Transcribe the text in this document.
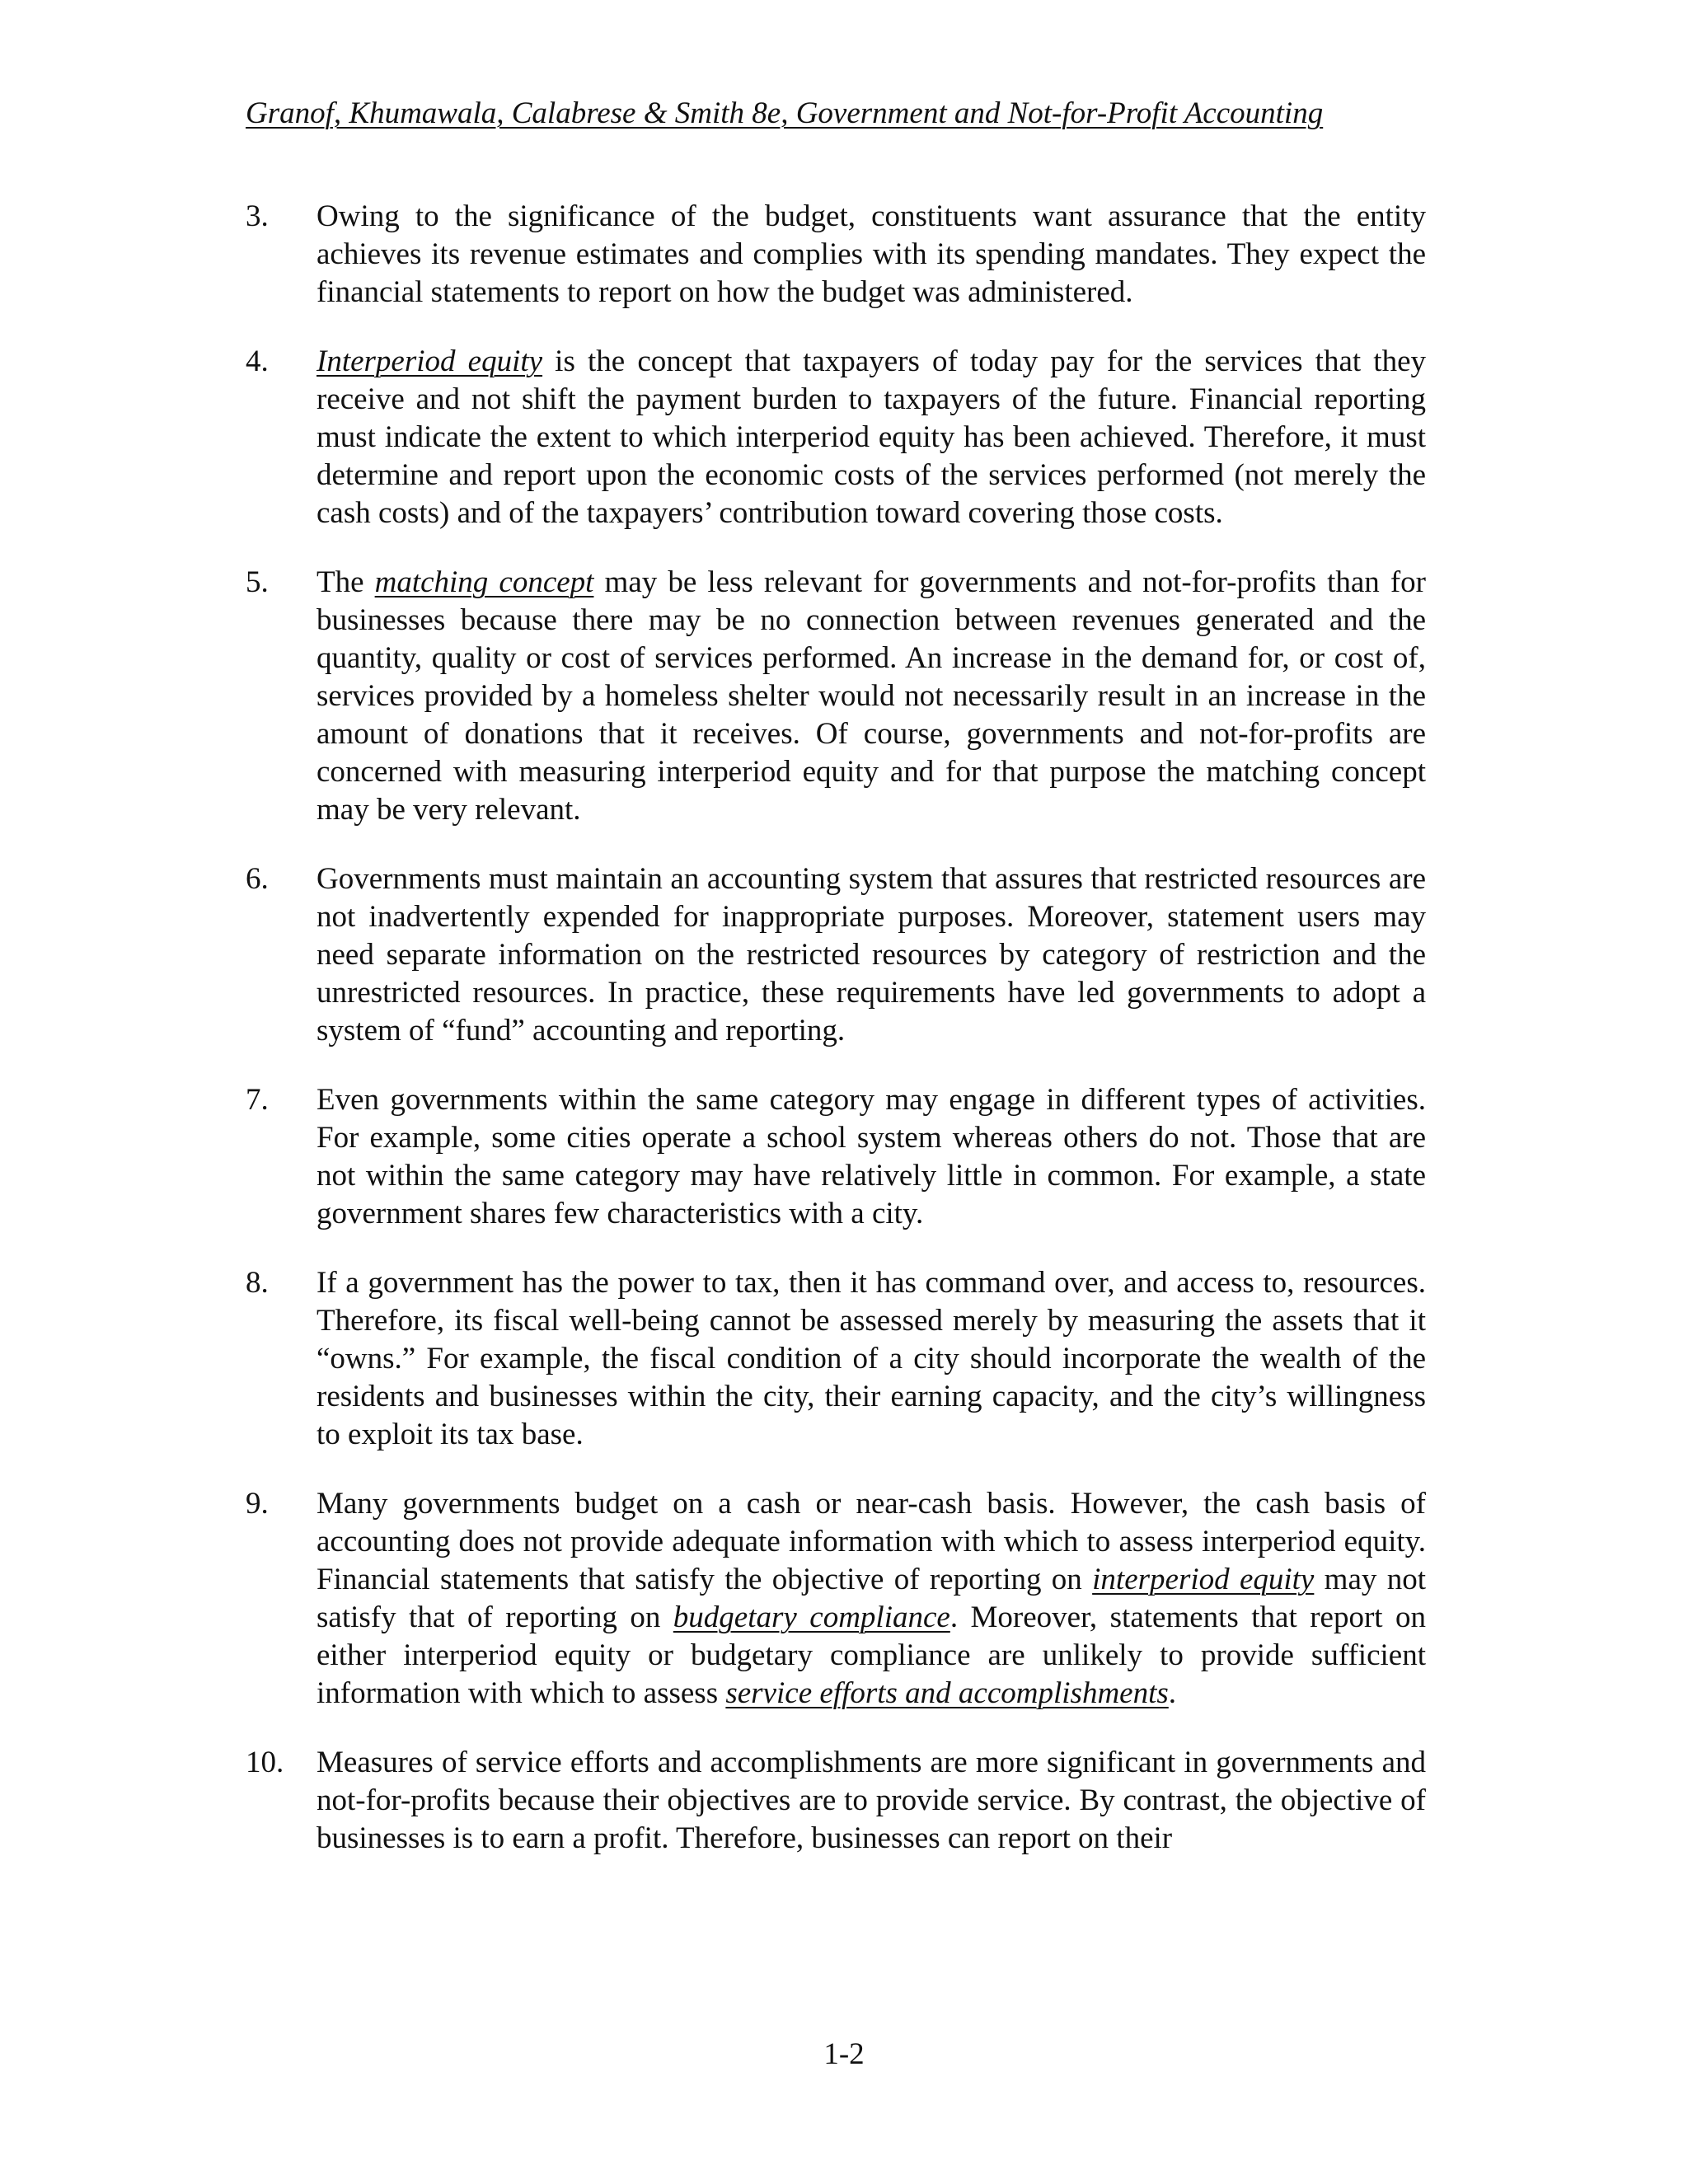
Granof, Khumawala, Calabrese & Smith 8e, Government and Not-for-Profit Accounting
3. Owing to the significance of the budget, constituents want assurance that the entity achieves its revenue estimates and complies with its spending mandates. They expect the financial statements to report on how the budget was administered.

4. Interperiod equity is the concept that taxpayers of today pay for the services that they receive and not shift the payment burden to taxpayers of the future. Financial reporting must indicate the extent to which interperiod equity has been achieved. Therefore, it must determine and report upon the economic costs of the services performed (not merely the cash costs) and of the taxpayers’ contribution toward covering those costs.

5. The matching concept may be less relevant for governments and not-for-profits than for businesses because there may be no connection between revenues generated and the quantity, quality or cost of services performed. An increase in the demand for, or cost of, services provided by a homeless shelter would not necessarily result in an increase in the amount of donations that it receives. Of course, governments and not-for-profits are concerned with measuring interperiod equity and for that purpose the matching concept may be very relevant.

6. Governments must maintain an accounting system that assures that restricted resources are not inadvertently expended for inappropriate purposes. Moreover, statement users may need separate information on the restricted resources by category of restriction and the unrestricted resources. In practice, these requirements have led governments to adopt a system of “fund” accounting and reporting.

7. Even governments within the same category may engage in different types of activities. For example, some cities operate a school system whereas others do not. Those that are not within the same category may have relatively little in common. For example, a state government shares few characteristics with a city.

8. If a government has the power to tax, then it has command over, and access to, resources. Therefore, its fiscal well-being cannot be assessed merely by measuring the assets that it “owns.” For example, the fiscal condition of a city should incorporate the wealth of the residents and businesses within the city, their earning capacity, and the city’s willingness to exploit its tax base.

9. Many governments budget on a cash or near-cash basis. However, the cash basis of accounting does not provide adequate information with which to assess interperiod equity. Financial statements that satisfy the objective of reporting on interperiod equity may not satisfy that of reporting on budgetary compliance. Moreover, statements that report on either interperiod equity or budgetary compliance are unlikely to provide sufficient information with which to assess service efforts and accomplishments.

10. Measures of service efforts and accomplishments are more significant in governments and not-for-profits because their objectives are to provide service. By contrast, the objective of businesses is to earn a profit. Therefore, businesses can report on their

1-2
